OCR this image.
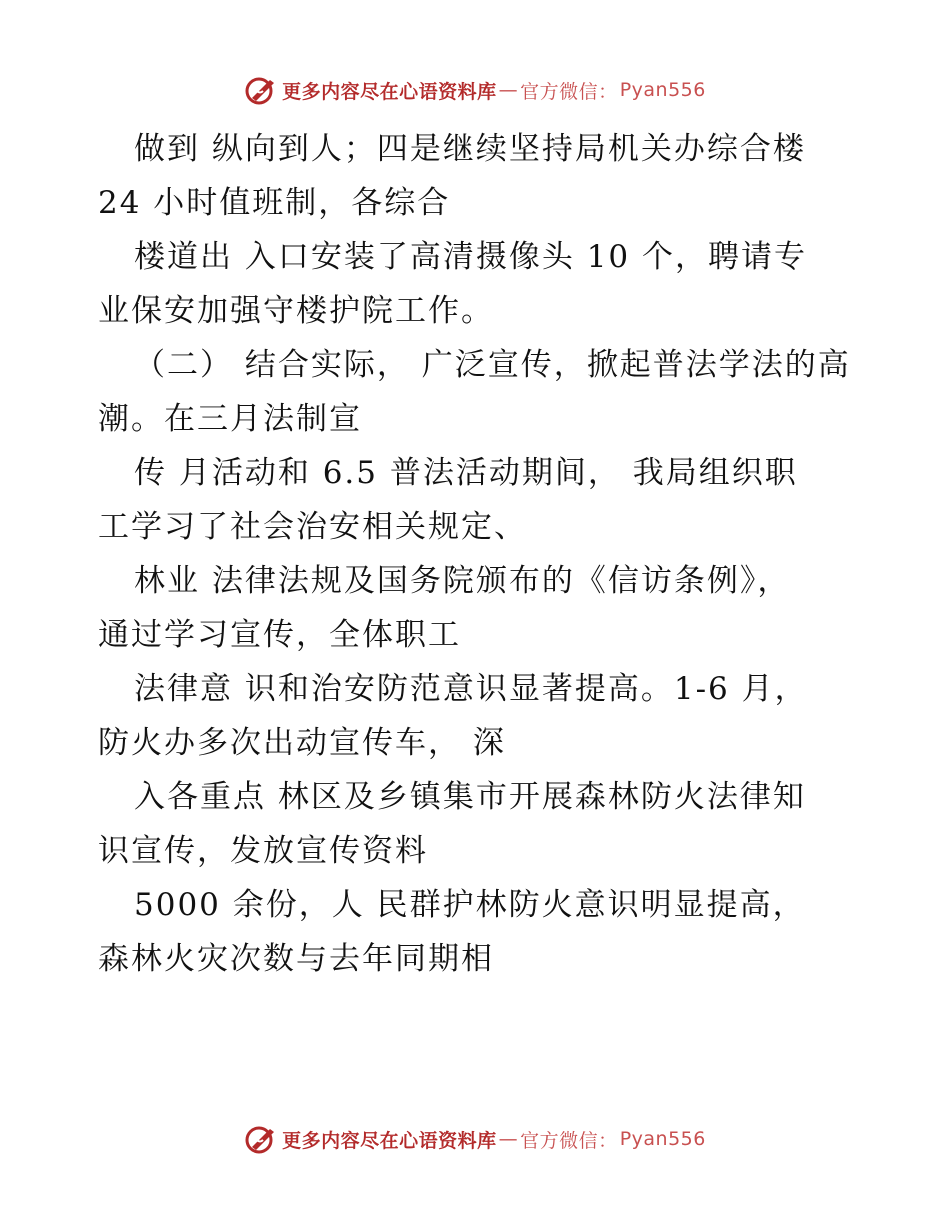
更多内容尽在心语资料库 — 官方微信： Pyan556
做到 纵向到人；四是继续坚持局机关办综合楼
24 小时值班制，各综合
楼道出 入口安装了高清摄像头 10 个，聘请专
业保安加强守楼护院工作。
（二） 结合实际， 广泛宣传，掀起普法学法的高
潮。在三月法制宣
传 月活动和 6.5 普法活动期间， 我局组织职
工学习了社会治安相关规定、
林业 法律法规及国务院颁布的《信访条例》，
通过学习宣传，全体职工
法律意 识和治安防范意识显著提高。1-6 月，
防火办多次出动宣传车， 深
入各重点 林区及乡镇集市开展森林防火法律知
识宣传，发放宣传资料
5000 余份，人 民群护林防火意识明显提高，
森林火灾次数与去年同期相
更多内容尽在心语资料库 — 官方微信： Pyan556
